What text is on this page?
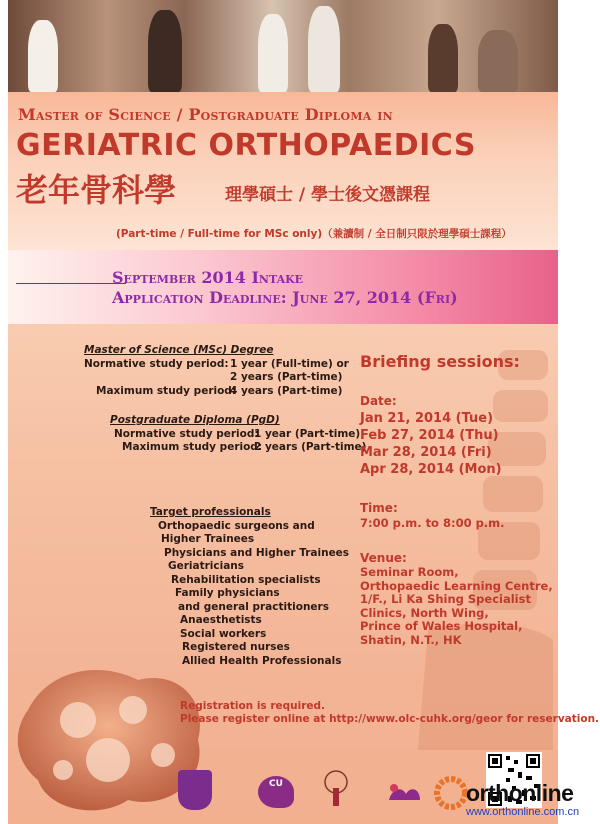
Master of Science / Postgraduate Diploma in
GERIATRIC ORTHOPAEDICS
老年骨科學	理學碩士 / 學士後文憑課程
(Part-time / Full-time for MSc only)（兼讀制 / 全日制只限於理學碩士課程）
September 2014 Intake
Application Deadline: June 27, 2014 (Fri)
Master of Science (MSc) Degree
Normative study period: 1 year (Full-time) or
2 years (Part-time)
Maximum study period:
4 years (Part-time)
Postgraduate Diploma (PgD)
Normative study period:
1 year (Part-time)
Maximum study period:
2 years (Part-time)
Target professionals
Orthopaedic surgeons and
Higher Trainees
Physicians and Higher Trainees
Geriatricians
Rehabilitation specialists
Family physicians
and general practitioners
Anaesthetists
Social workers
Registered nurses
Allied Health Professionals
Briefing sessions:
Date:
Jan 21, 2014 (Tue)
Feb 27, 2014 (Thu)
Mar 28, 2014 (Fri)
Apr 28, 2014 (Mon)
Time:
7:00 p.m. to 8:00 p.m.
Venue:
Seminar Room,
Orthopaedic Learning Centre,
1/F., Li Ka Shing Specialist
Clinics, North Wing,
Prince of Wales Hospital,
Shatin, N.T., HK
Registration is required.
Please register online at http://www.olc-cuhk.org/geor for reservation.
CU	orthonline
www.orthonline.com.cn
